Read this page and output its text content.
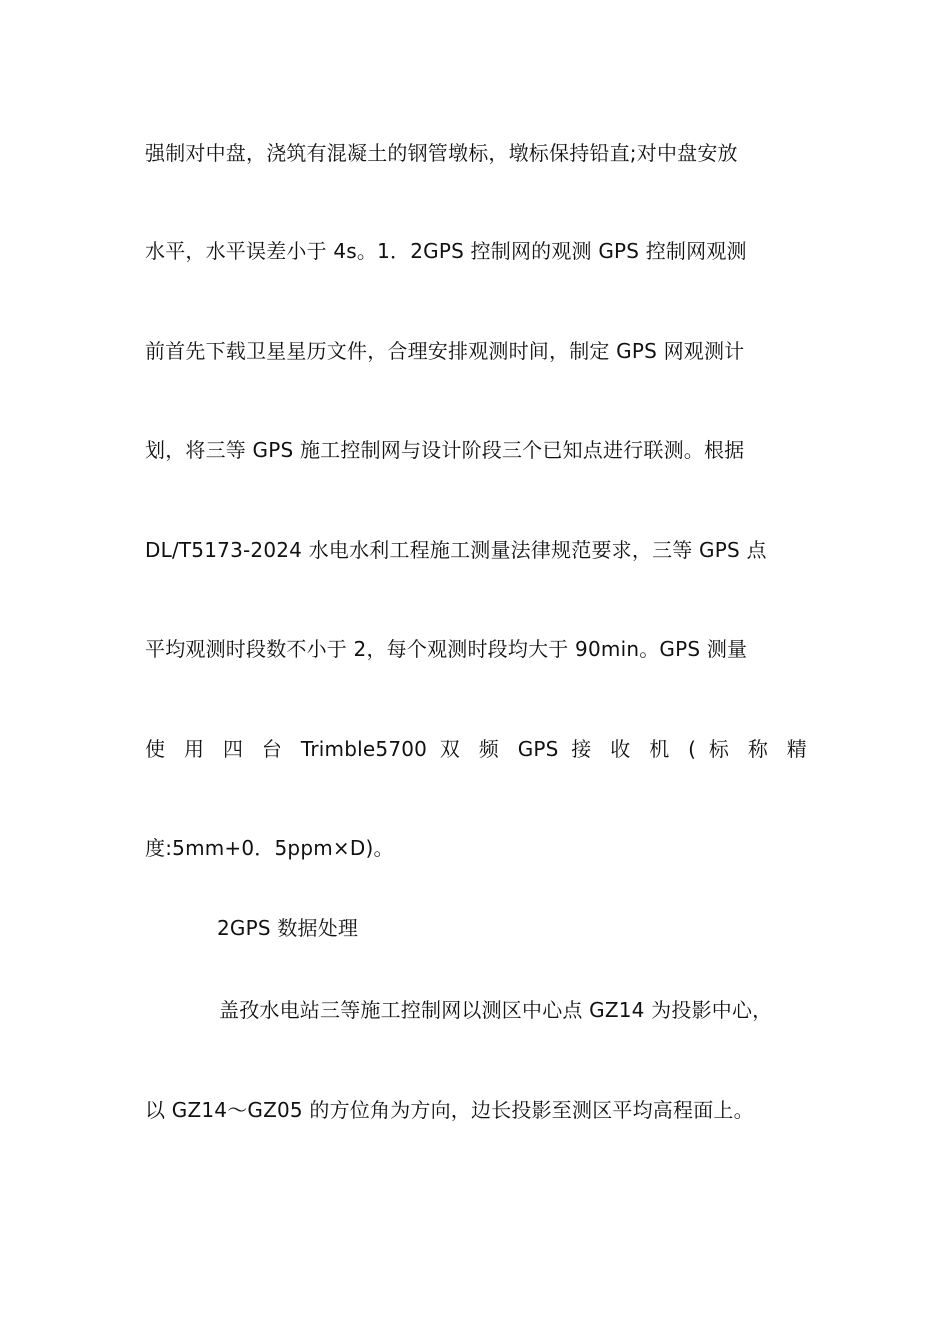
强制对中盘，浇筑有混凝土的钢管墩标，墩标保持铅直;对中盘安放
水平，水平误差小于 4s。1．2GPS 控制网的观测 GPS 控制网观测
前首先下载卫星星历文件，合理安排观测时间，制定 GPS 网观测计
划，将三等 GPS 施工控制网与设计阶段三个已知点进行联测。根据
DL/T5173-2024 水电水利工程施工测量法律规范要求，三等 GPS 点
平均观测时段数不小于 2，每个观测时段均大于 90min。GPS 测量
使 用 四 台 Trimble5700 双 频 GPS 接 收 机 ( 标 称 精
度:5mm+0．5ppm×D)。
2GPS 数据处理
盖孜水电站三等施工控制网以测区中心点 GZ14 为投影中心，
以 GZ14～GZ05 的方位角为方向，边长投影至测区平均高程面上。
